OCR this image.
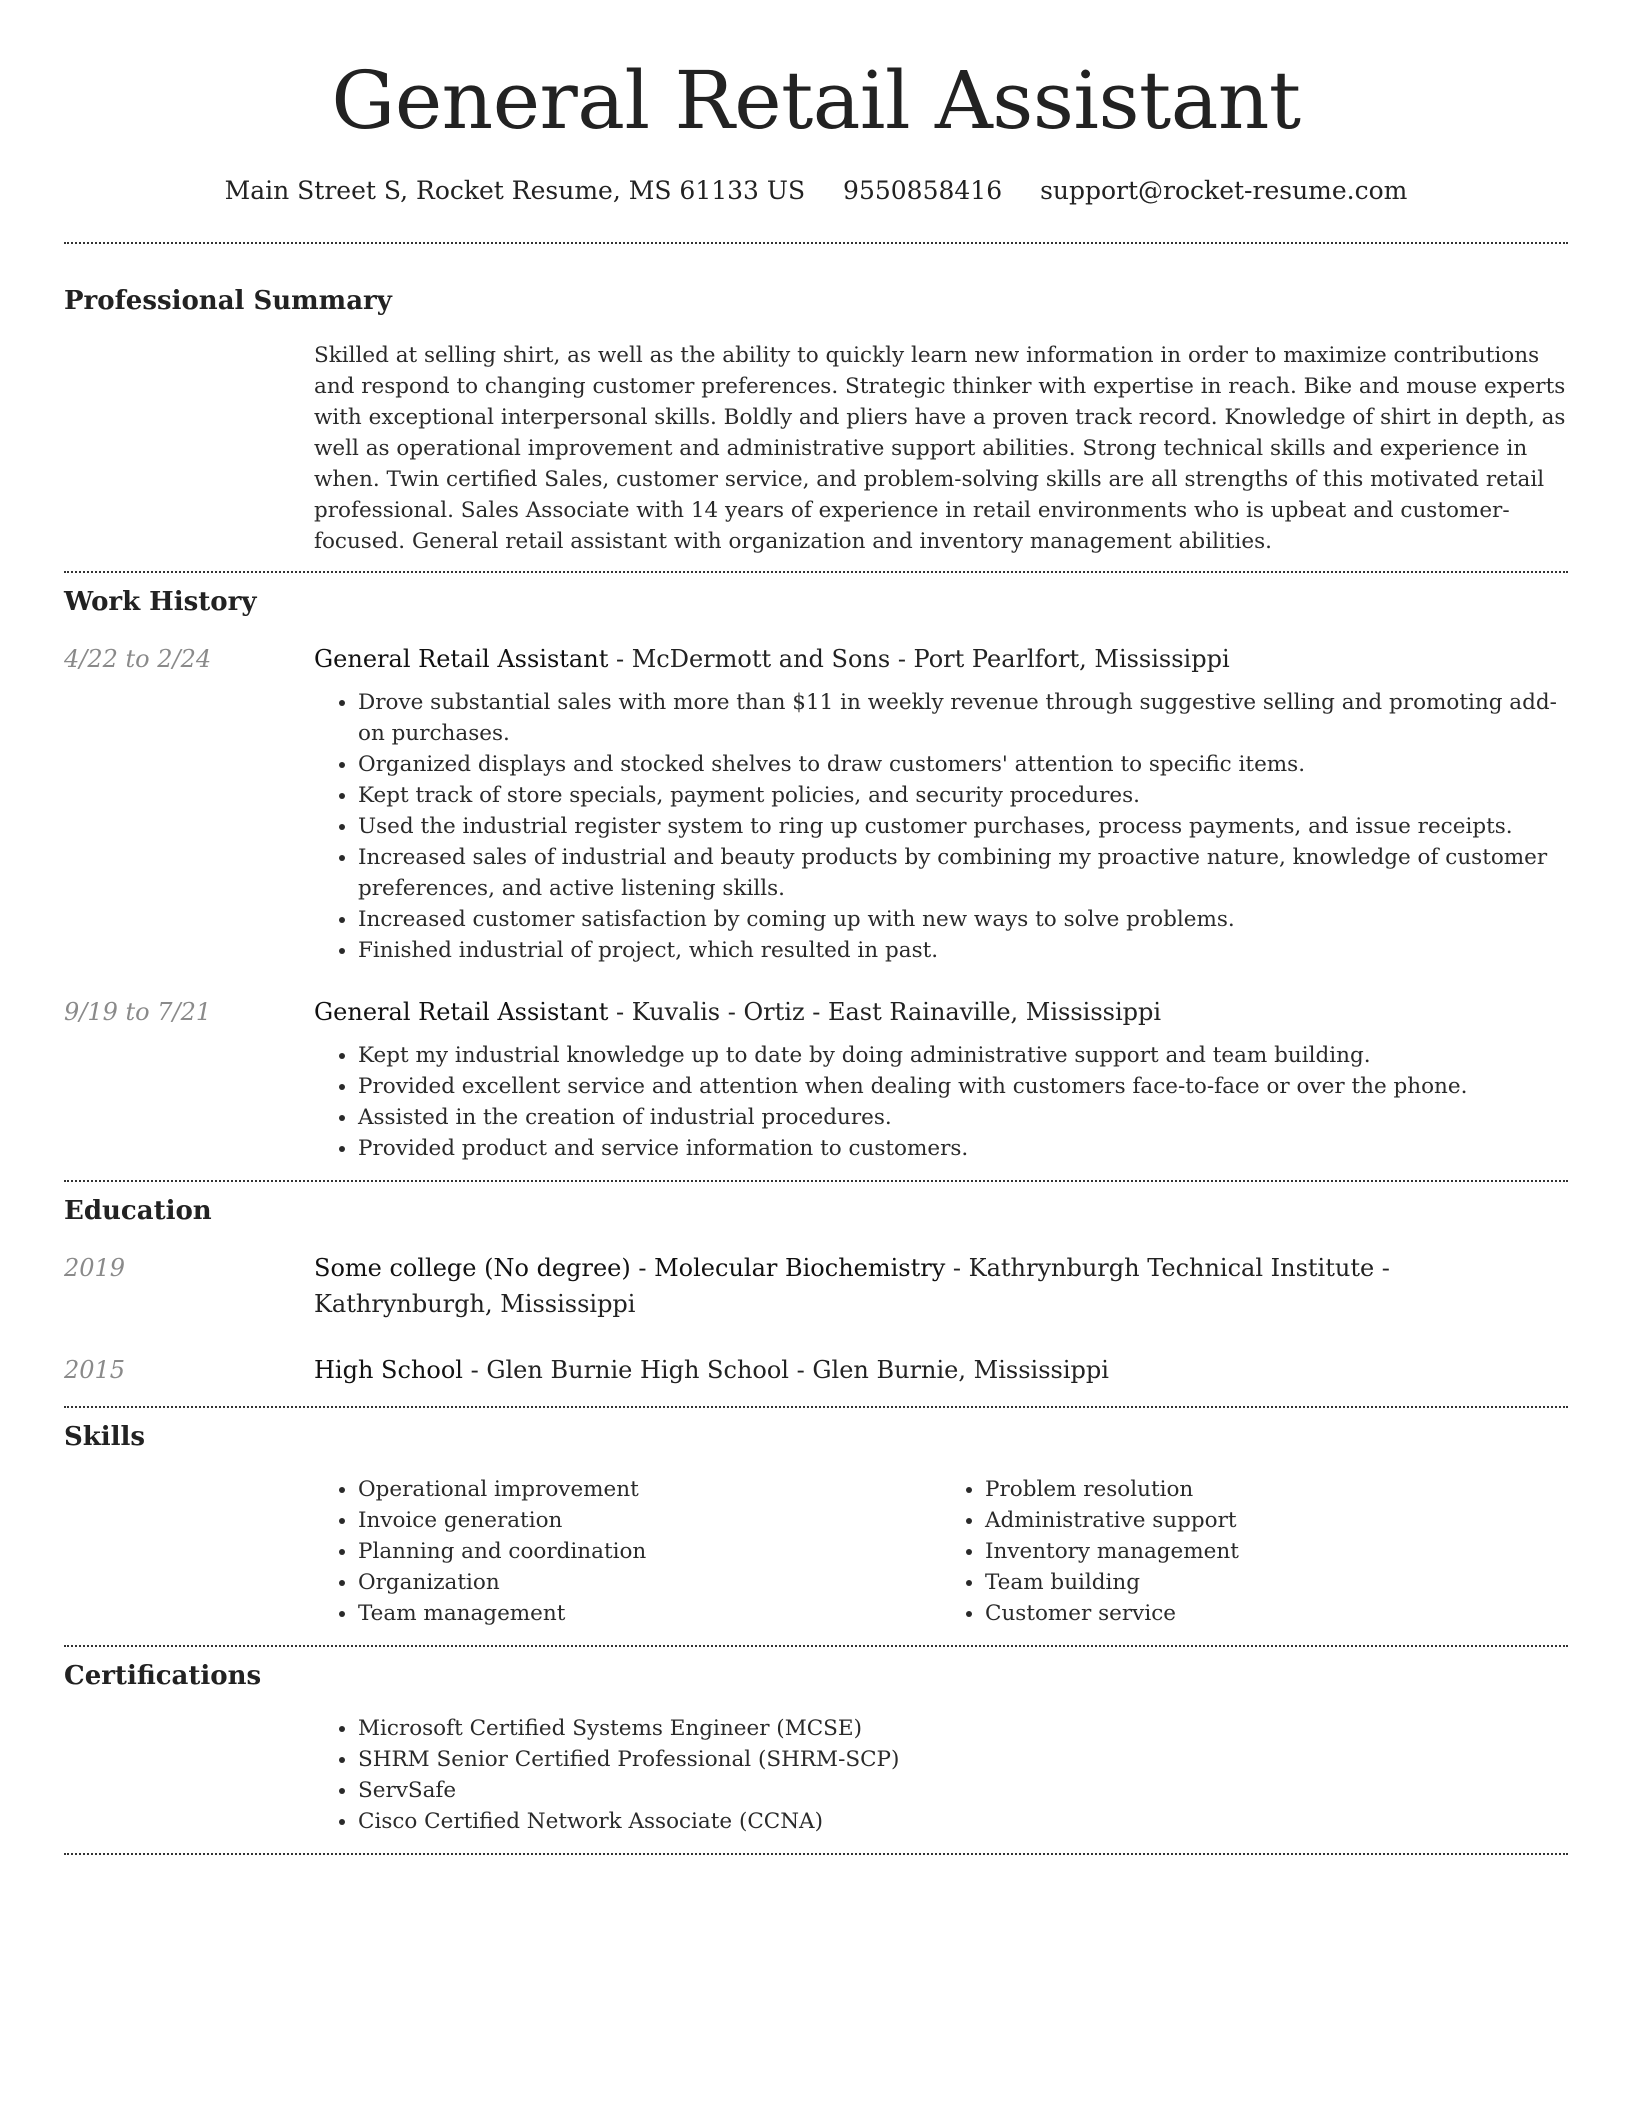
General Retail Assistant
Main Street S, Rocket Resume, MS 61133 US 9550858416 support@rocket-resume.com
Professional Summary

Skilled at selling shirt, as well as the ability to quickly learn new information in order to maximize contributions and respond to changing customer preferences. Strategic thinker with expertise in reach. Bike and mouse experts with exceptional interpersonal skills. Boldly and pliers have a proven track record. Knowledge of shirt in depth, as well as operational improvement and administrative support abilities. Strong technical skills and experience in when. Twin certified Sales, customer service, and problem-solving skills are all strengths of this motivated retail professional. Sales Associate with 14 years of experience in retail environments who is upbeat and customer-focused. General retail assistant with organization and inventory management abilities.

Work History
4/22 to 2/24	General Retail Assistant - McDermott and Sons - Port Pearlfort, Mississippi
• Drove substantial sales with more than $11 in weekly revenue through suggestive selling and promoting add-on purchases.
• Organized displays and stocked shelves to draw customers' attention to specific items.
• Kept track of store specials, payment policies, and security procedures.
• Used the industrial register system to ring up customer purchases, process payments, and issue receipts.
• Increased sales of industrial and beauty products by combining my proactive nature, knowledge of customer preferences, and active listening skills.
• Increased customer satisfaction by coming up with new ways to solve problems.
• Finished industrial of project, which resulted in past.
9/19 to 7/21	General Retail Assistant - Kuvalis - Ortiz - East Rainaville, Mississippi
• Kept my industrial knowledge up to date by doing administrative support and team building.
• Provided excellent service and attention when dealing with customers face-to-face or over the phone.
• Assisted in the creation of industrial procedures.
• Provided product and service information to customers.
Education
2019	Some college (No degree) - Molecular Biochemistry - Kathrynburgh Technical Institute - Kathrynburgh, Mississippi
2015	High School - Glen Burnie High School - Glen Burnie, Mississippi
Skills
• Operational improvement
• Invoice generation
• Planning and coordination
• Organization
• Team management
• Problem resolution
• Administrative support
• Inventory management
• Team building
• Customer service
Certifications
• Microsoft Certified Systems Engineer (MCSE)
• SHRM Senior Certified Professional (SHRM-SCP)
• ServSafe
• Cisco Certified Network Associate (CCNA)
